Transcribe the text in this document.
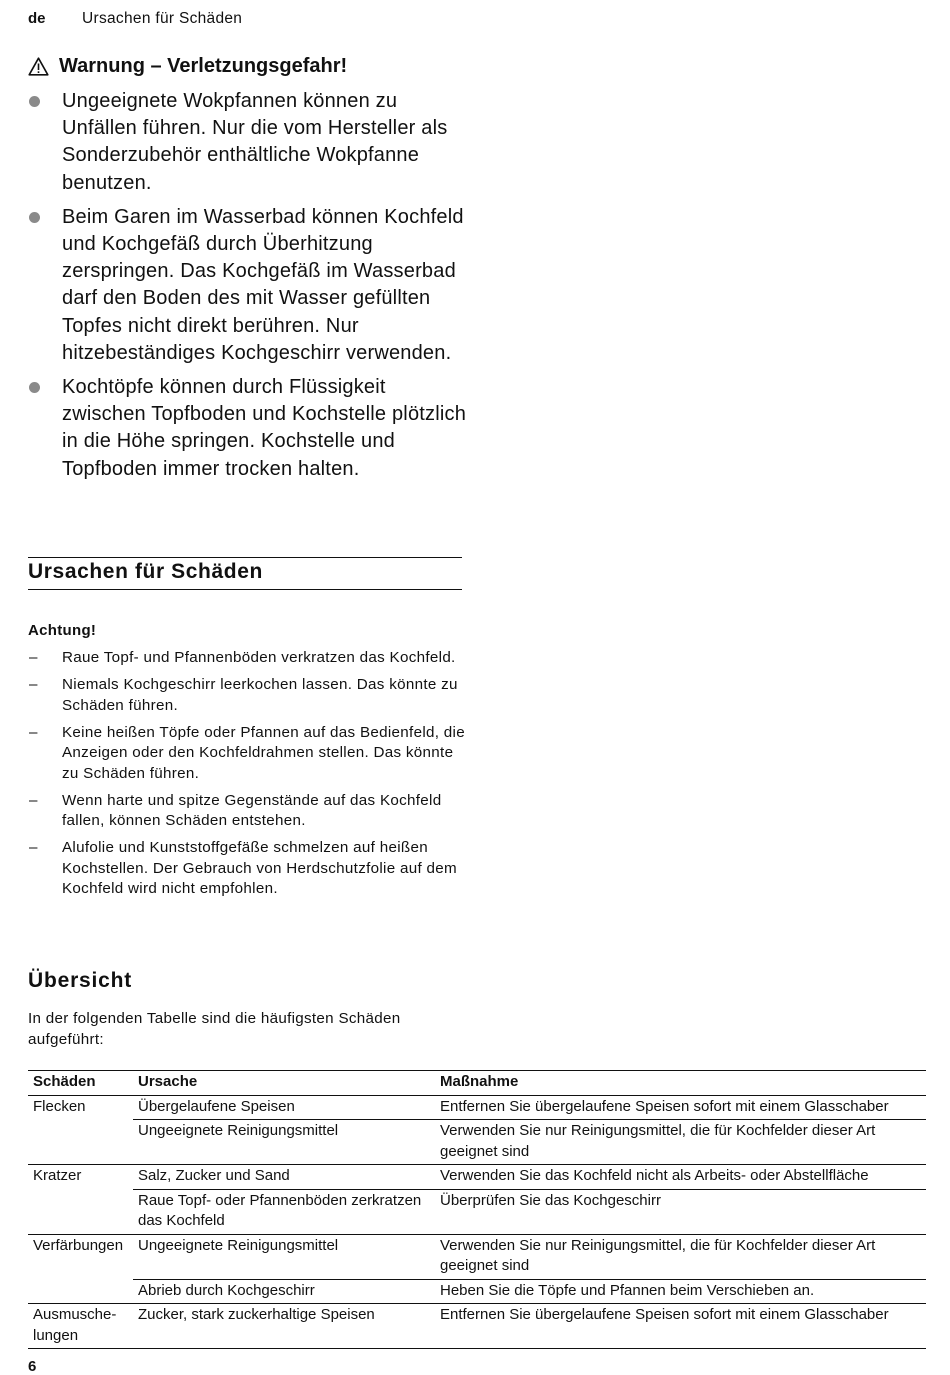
de Ursachen für Schäden
Warnung – Verletzungsgefahr!
Ungeeignete Wokpfannen können zu Unfällen führen. Nur die vom Hersteller als Sonderzubehör enthältliche Wokpfanne benutzen.
Beim Garen im Wasserbad können Kochfeld und Kochgefäß durch Überhitzung zerspringen. Das Kochgefäß im Wasserbad darf den Boden des mit Wasser gefüllten Topfes nicht direkt berühren. Nur hitzebeständiges Kochgeschirr verwenden.
Kochtöpfe können durch Flüssigkeit zwischen Topfboden und Kochstelle plötzlich in die Höhe springen. Kochstelle und Topfboden immer trocken halten.
Ursachen für Schäden
Achtung!
– Raue Topf- und Pfannenböden verkratzen das Kochfeld.
– Niemals Kochgeschirr leerkochen lassen. Das könnte zu Schäden führen.
– Keine heißen Töpfe oder Pfannen auf das Bedienfeld, die Anzeigen oder den Kochfeldrahmen stellen. Das könnte zu Schäden führen.
– Wenn harte und spitze Gegenstände auf das Kochfeld fallen, können Schäden entstehen.
– Alufolie und Kunststoffgefäße schmelzen auf heißen Kochstellen. Der Gebrauch von Herdschutzfolie auf dem Kochfeld wird nicht empfohlen.
Übersicht
In der folgenden Tabelle sind die häufigsten Schäden aufgeführt:
Schäden	Ursache	Maßnahme
Flecken	Übergelaufene Speisen	Entfernen Sie übergelaufene Speisen sofort mit einem Glasschaber
	Ungeeignete Reinigungsmittel	Verwenden Sie nur Reinigungsmittel, die für Kochfelder dieser Art geeignet sind
Kratzer	Salz, Zucker und Sand	Verwenden Sie das Kochfeld nicht als Arbeits- oder Abstellfläche
	Raue Topf- oder Pfannenböden zerkratzen das Kochfeld	Überprüfen Sie das Kochgeschirr
Verfärbungen	Ungeeignete Reinigungsmittel	Verwenden Sie nur Reinigungsmittel, die für Kochfelder dieser Art geeignet sind
	Abrieb durch Kochgeschirr	Heben Sie die Töpfe und Pfannen beim Verschieben an.
Ausmusche-lungen	Zucker, stark zuckerhaltige Speisen	Entfernen Sie übergelaufene Speisen sofort mit einem Glasschaber
6
